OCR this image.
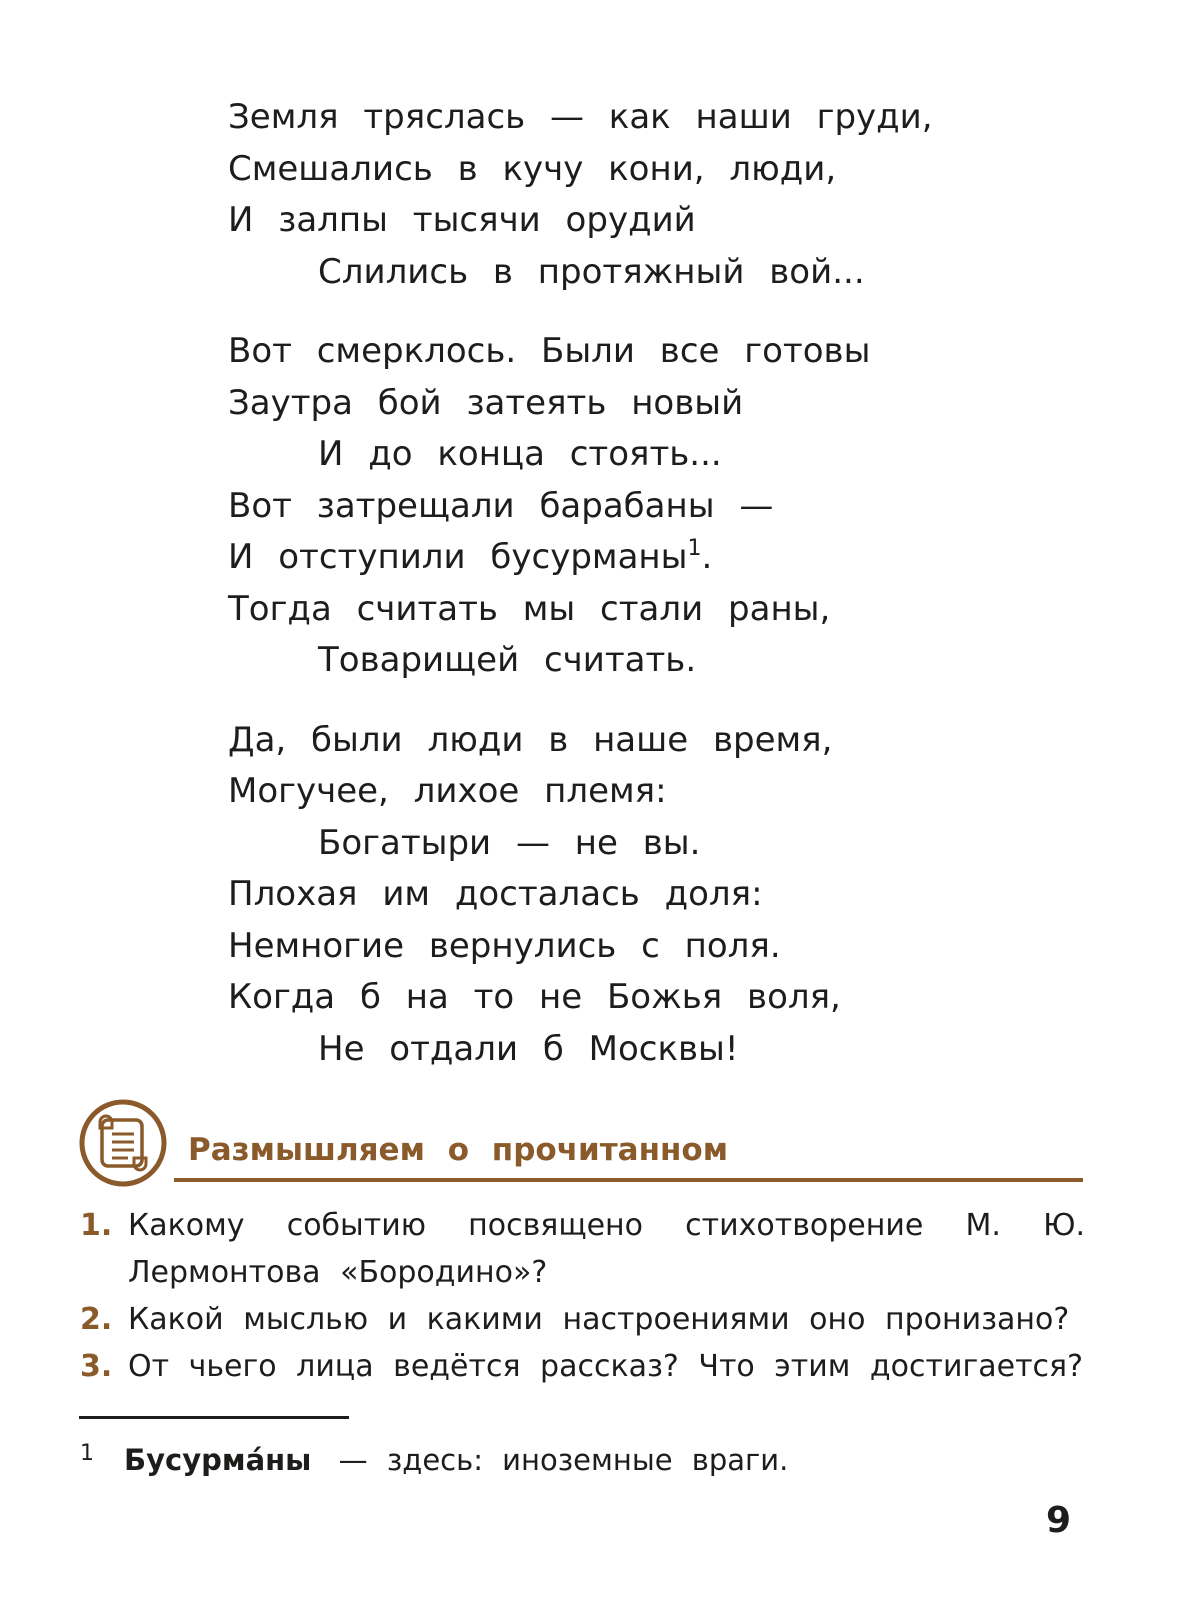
Земля тряслась — как наши груди,
Смешались в кучу кони, люди,
И залпы тысячи орудий
Слились в протяжный вой...
Вот смерклось. Были все готовы
Заутра бой затеять новый
И до конца стоять...
Вот затрещали барабаны —
И отступили бусурманы$^1$.
Тогда считать мы стали раны,
Товарищей считать.
Да, были люди в наше время,
Могучее, лихое племя:
Богатыри — не вы.
Плохая им досталась доля:
Немногие вернулись с поля.
Когда б на то не Божья воля,
Не отдали б Москвы!
Размышляем о прочитанном
1. Какому событию посвящено стихотворение М. Ю. Лермонтова «Бородино»?
2. Какой мыслью и какими настроениями оно пронизано?
3. От чьего лица ведётся рассказ? Что этим достигается?
$^1$ Бусурма́ны — здесь: иноземные враги.
9
